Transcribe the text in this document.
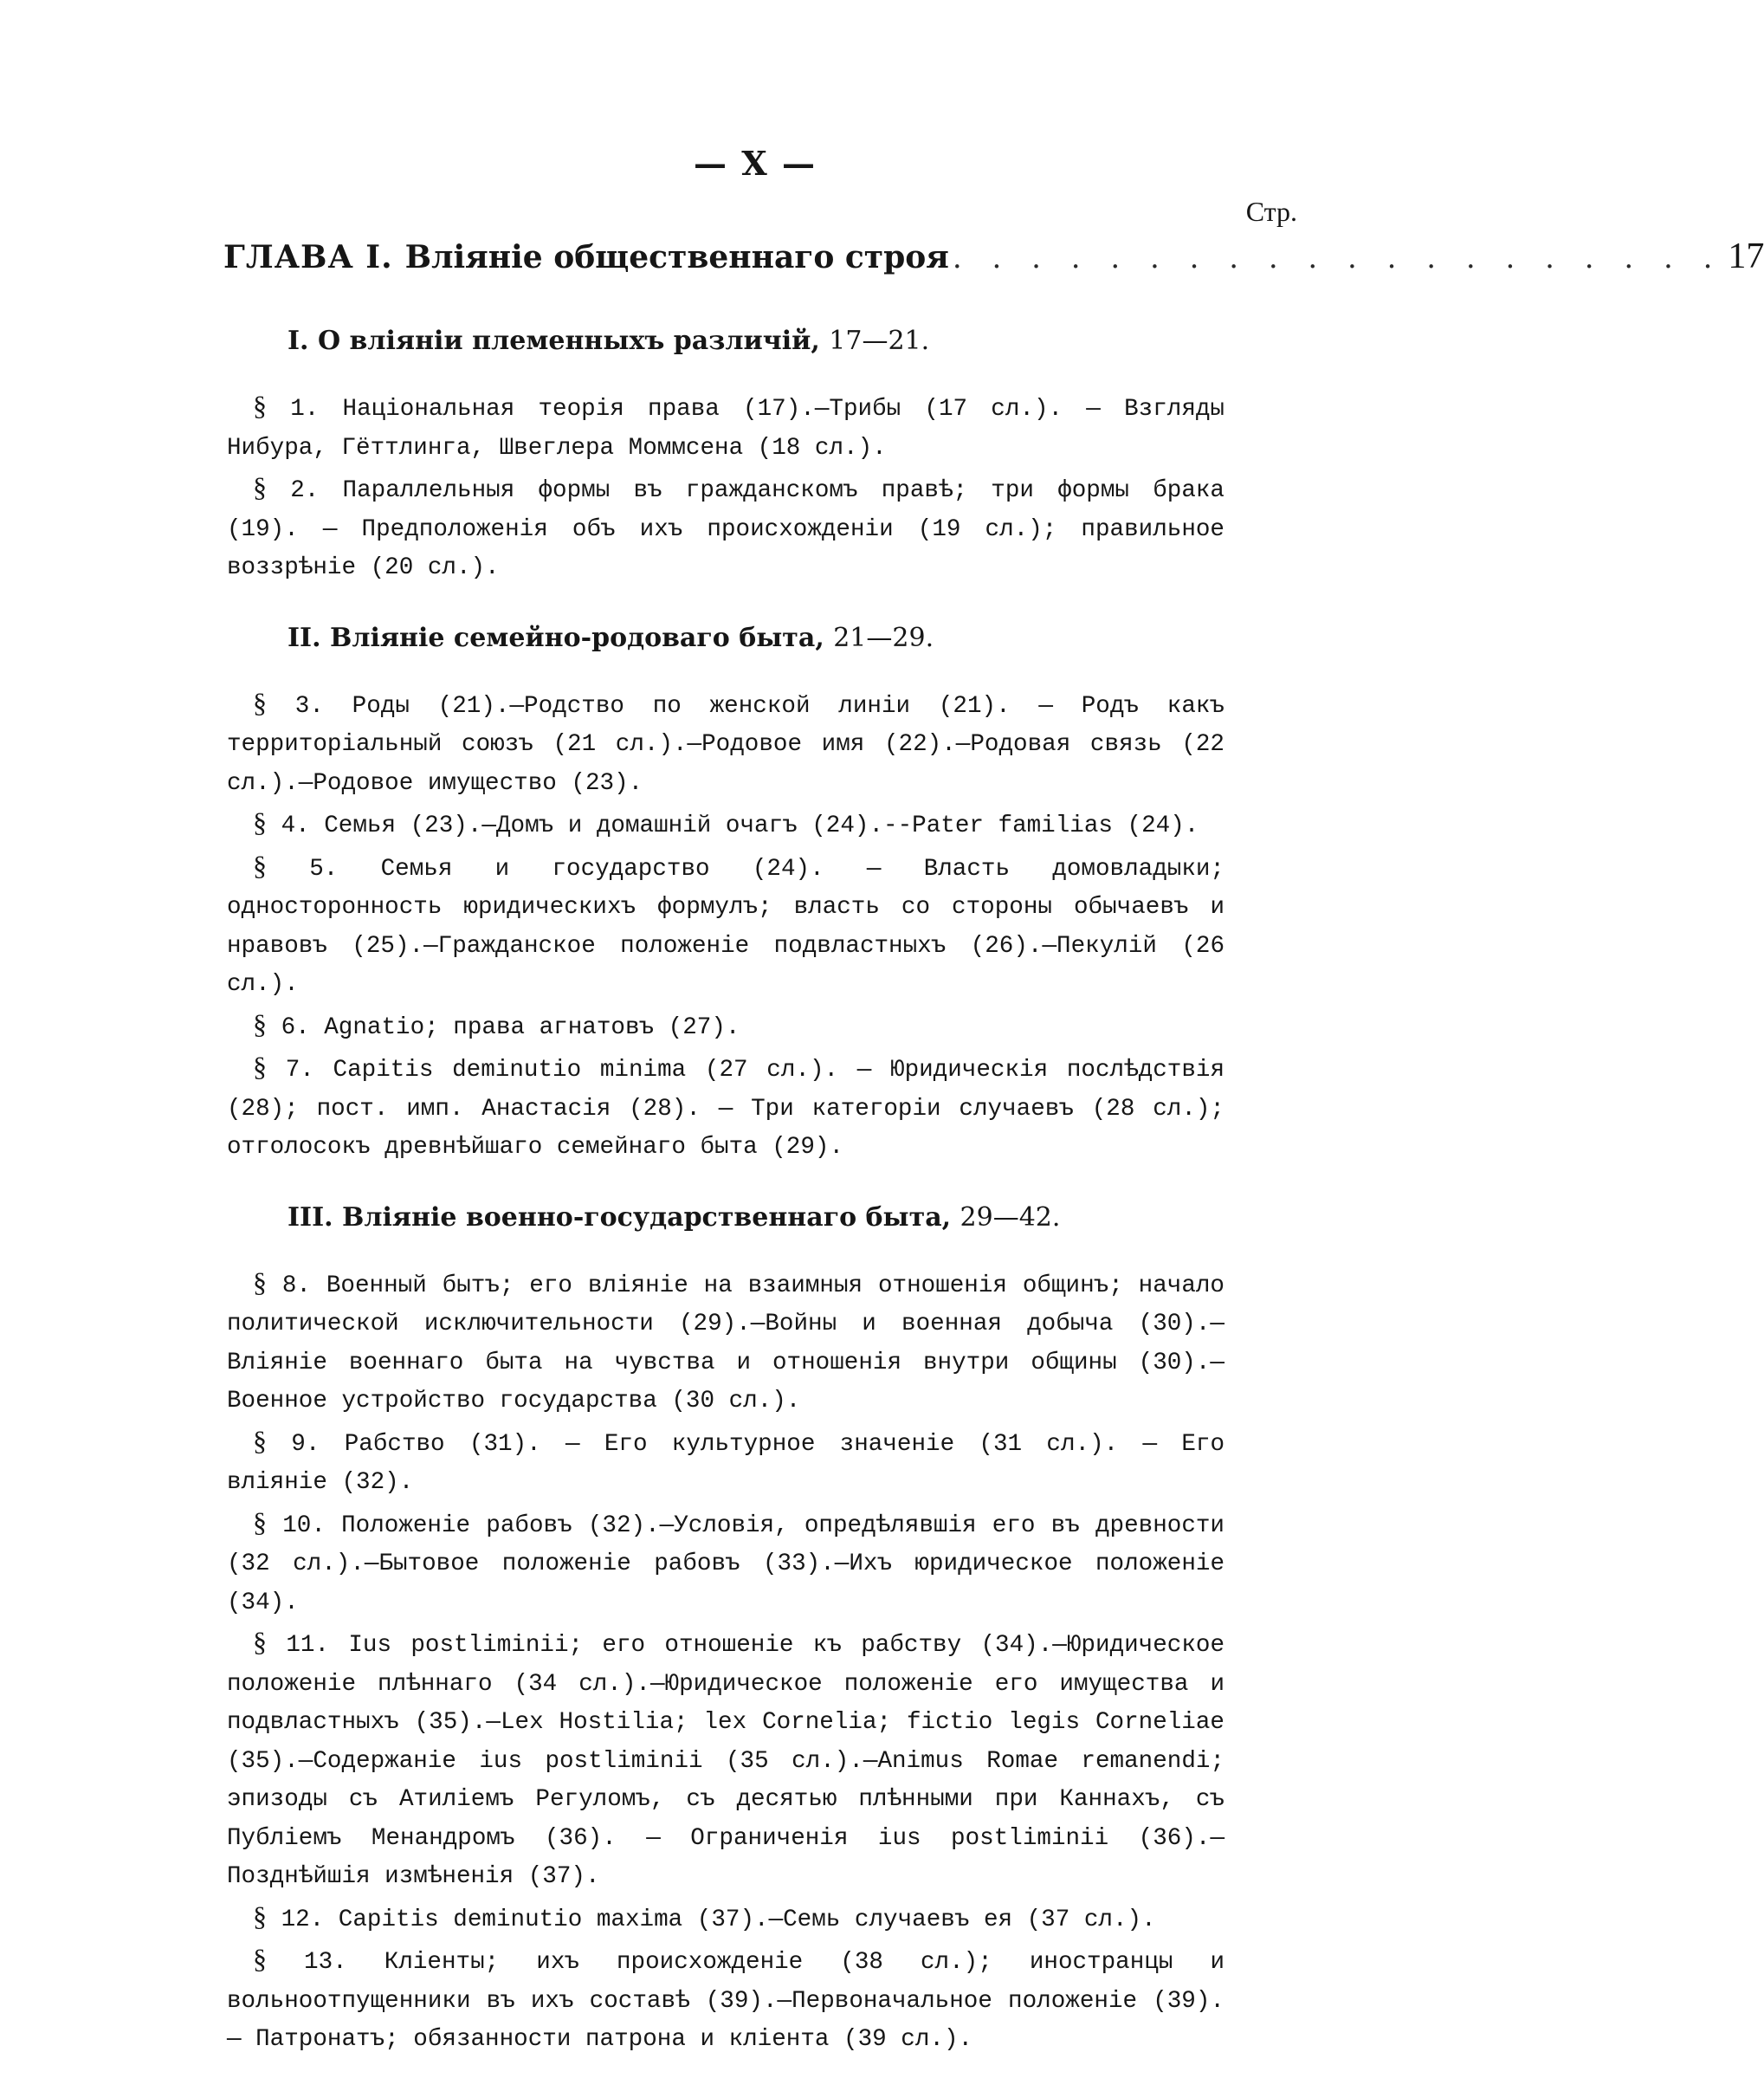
— X —
Стр.
ГЛАВА I. Вліяніе общественнаго строя . . . . . . . . . . . . . . . . . . . . 17
I. О вліяніи племенныхъ различій, 17—21.

§ 1. Національная теорія права (17).—Трибы (17 сл.). — Взгляды Нибура, Гёттлинга, Швеглера Моммсена (18 сл.).

§ 2. Параллельныя формы въ гражданскомъ правѣ; три формы брака (19). — Предположенія объ ихъ происхожденіи (19 сл.); правильное воззрѣніе (20 сл.).

II. Вліяніе семейно-родоваго быта, 21—29.

§ 3. Роды (21).—Родство по женской линіи (21). — Родъ какъ территоріальный союзъ (21 сл.).—Родовое имя (22).—Родовая связь (22 сл.).—Родовое имущество (23).

§ 4. Семья (23).—Домъ и домашній очагъ (24).--Pater familias (24).

§ 5. Семья и государство (24). — Власть домовладыки; односторонность юридическихъ формулъ; власть со стороны обычаевъ и нравовъ (25).—Гражданское положеніе подвластныхъ (26).—Пекулій (26 сл.).

§ 6. Agnatio; права агнатовъ (27).

§ 7. Capitis deminutio minima (27 сл.). — Юридическія послѣдствія (28); пост. имп. Анастасія (28). — Три категоріи случаевъ (28 сл.); отголосокъ древнѣйшаго семейнаго быта (29).

III. Вліяніе военно-государственнаго быта, 29—42.

§ 8. Военный бытъ; его вліяніе на взаимныя отношенія общинъ; начало политической исключительности (29).—Войны и военная добыча (30).—Вліяніе военнаго быта на чувства и отношенія внутри общины (30).—Военное устройство государства (30 сл.).

§ 9. Рабство (31). — Его культурное значеніе (31 сл.). — Его вліяніе (32).

§ 10. Положеніе рабовъ (32).—Условія, опредѣлявшія его въ древности (32 сл.).—Бытовое положеніе рабовъ (33).—Ихъ юридическое положеніе (34).

§ 11. Ius postliminii; его отношеніе къ рабству (34).—Юридическое положеніе плѣннаго (34 сл.).—Юридическое положеніе его имущества и подвластныхъ (35).—Lex Hostilia; lex Cornelia; fictio legis Corneliae (35).—Содержаніе ius postliminii (35 сл.).—Animus Romae remanendi; эпизоды съ Атиліемъ Регуломъ, съ десятью плѣнными при Каннахъ, съ Публіемъ Менандромъ (36). — Ограниченія ius postliminii (36).— Позднѣйшія измѣненія (37).

§ 12. Capitis deminutio maxima (37).—Семь случаевъ ея (37 сл.).

§ 13. Кліенты; ихъ происхожденіе (38 сл.); иностранцы и вольноотпущенники въ ихъ составѣ (39).—Первоначальное положеніе (39).— Патронатъ; обязанности патрона и кліента (39 сл.).
